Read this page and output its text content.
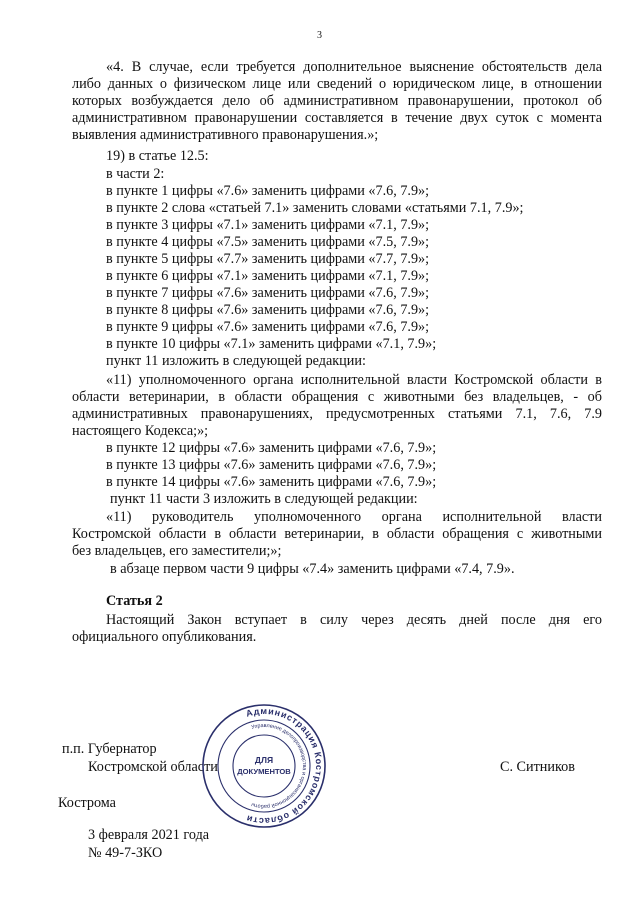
3
«4. В случае, если требуется дополнительное выяснение обстоятельств дела
либо данных о физическом лице или сведений о юридическом лице, в отношении
которых возбуждается дело об административном правонарушении, протокол об
административном правонарушении составляется в течение двух суток с момента
выявления административного правонарушения.»;
19) в статье 12.5:
в части 2:
в пункте 1 цифры «7.6» заменить цифрами «7.6, 7.9»;
в пункте 2 слова «статьей 7.1» заменить словами «статьями 7.1, 7.9»;
в пункте 3 цифры «7.1» заменить цифрами «7.1, 7.9»;
в пункте 4 цифры «7.5» заменить цифрами «7.5, 7.9»;
в пункте 5 цифры «7.7» заменить цифрами «7.7, 7.9»;
в пункте 6 цифры «7.1» заменить цифрами «7.1, 7.9»;
в пункте 7 цифры «7.6» заменить цифрами «7.6, 7.9»;
в пункте 8 цифры «7.6» заменить цифрами «7.6, 7.9»;
в пункте 9 цифры «7.6» заменить цифрами «7.6, 7.9»;
в пункте 10 цифры «7.1» заменить цифрами «7.1, 7.9»;
пункт 11 изложить в следующей редакции:
«11) уполномоченного органа исполнительной власти Костромской области в
области ветеринарии, в области обращения с животными без владельцев, - об
административных правонарушениях, предусмотренных статьями 7.1, 7.6, 7.9
настоящего Кодекса;»;
в пункте 12 цифры «7.6» заменить цифрами «7.6, 7.9»;
в пункте 13 цифры «7.6» заменить цифрами «7.6, 7.9»;
в пункте 14 цифры «7.6» заменить цифрами «7.6, 7.9»;
пункт 11 части 3 изложить в следующей редакции:
«11) руководитель уполномоченного органа исполнительной власти
Костромской области в области ветеринарии, в области обращения с животными
без владельцев, его заместители;»;
в абзаце первом части 9 цифры «7.4» заменить цифрами «7.4, 7.9».
Статья 2
Настоящий Закон вступает в силу через десять дней после дня его
официального опубликования.
п.п. Губернатор
Костромской области	С. Ситников
Кострома
3 февраля 2021 года
№ 49-7-ЗКО
Администрация Костромской области
Управление делопроизводства и организационной работы
ДЛЯ
ДОКУМЕНТОВ
